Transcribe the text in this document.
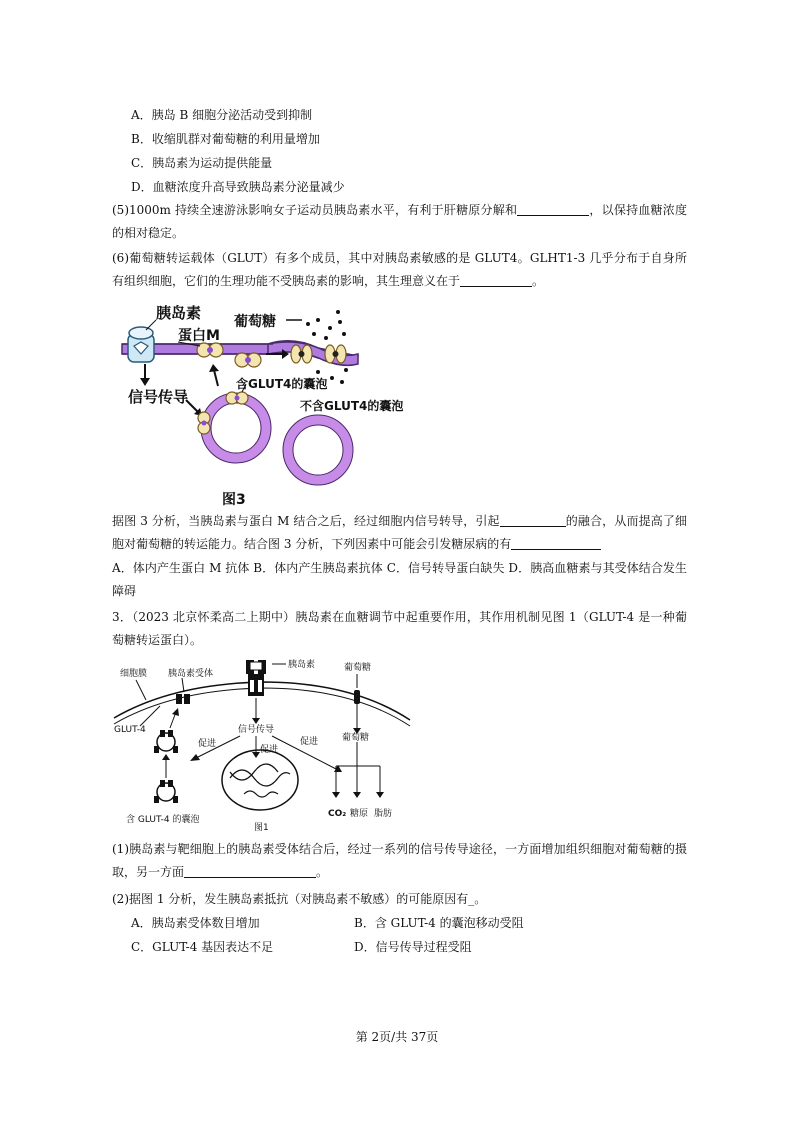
A．胰岛 B 细胞分泌活动受到抑制
B．收缩肌群对葡萄糖的利用量增加
C．胰岛素为运动提供能量
D．血糖浓度升高导致胰岛素分泌量减少
(5)1000m 持续全速游泳影响女子运动员胰岛素水平，有利于肝糖原分解和	，以保持血糖浓度的相对稳定。
(6)葡萄糖转运载体（GLUT）有多个成员，其中对胰岛素敏感的是 GLUT4。GLHT1-3 几乎分布于自身所有组织细胞，它们的生理功能不受胰岛素的影响，其生理意义在于	。
胰岛素
蛋白M
葡萄糖
信号传导
含GLUT4的囊泡
不含GLUT4的囊泡
图3
据图 3 分析，当胰岛素与蛋白 M 结合之后，经过细胞内信号转导，引起	的融合，从而提高了细胞对葡萄糖的转运能力。结合图 3 分析，下列因素中可能会引发糖尿病的有
A．体内产生蛋白 M 抗体 B．体内产生胰岛素抗体 C．信号转导蛋白缺失 D．胰高血糖素与其受体结合发生障碍
3．（2023 北京怀柔高二上期中）胰岛素在血糖调节中起重要作用，其作用机制见图 1（GLUT-4 是一种葡萄糖转运蛋白）。
细胞膜 胰岛素受体
胰岛素	葡萄糖
GLUT-4	信号传导
促进
促进
促进	葡萄糖
含 GLUT-4 的囊泡
CO₂ 糖原 脂肪
图1
(1)胰岛素与靶细胞上的胰岛素受体结合后，经过一系列的信号传导途径，一方面增加组织细胞对葡萄糖的摄取，另一方面	。
(2)据图 1 分析，发生胰岛素抵抗（对胰岛素不敏感）的可能原因有_。
A．胰岛素受体数目增加	B．含 GLUT-4 的囊泡移动受阻
C．GLUT-4 基因表达不足	D．信号传导过程受阻
第 2页/共 37页
